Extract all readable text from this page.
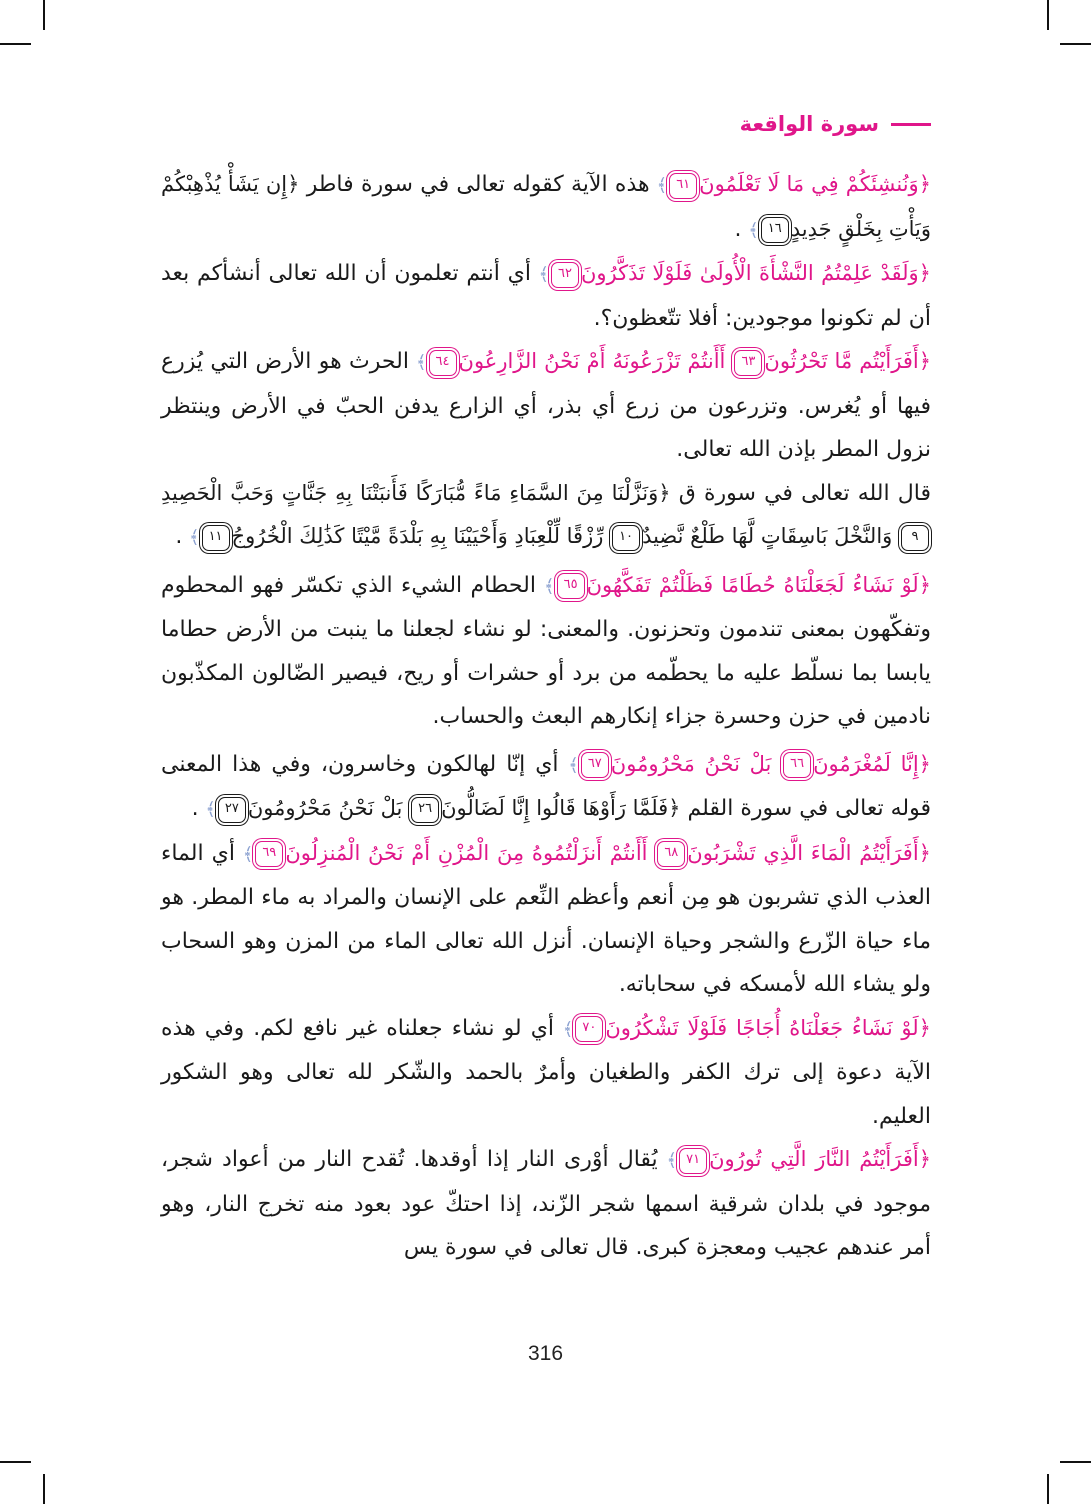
سورة الواقعة

﴿وَنُنشِئَكُمْ فِي مَا لَا تَعْلَمُونَ٦١﴾ هذه الآية كقوله تعالى في سورة فاطر ﴿إِن يَشَأْ يُذْهِبْكُمْ وَيَأْتِ بِخَلْقٍ جَدِيدٍ١٦﴾ .

﴿وَلَقَدْ عَلِمْتُمُ النَّشْأَةَ الْأُولَىٰ فَلَوْلَا تَذَكَّرُونَ٦٢﴾ أي أنتم تعلمون أن الله تعالى أنشأكم بعد أن لم تكونوا موجودين: أفلا تتّعظون؟.

﴿أَفَرَأَيْتُم مَّا تَحْرُثُونَ٦٣ أَأَنتُمْ تَزْرَعُونَهُ أَمْ نَحْنُ الزَّارِعُونَ٦٤﴾ الحرث هو الأرض التي يُزرع فيها أو يُغرس. وتزرعون من زرع أي بذر، أي الزارع يدفن الحبّ في الأرض وينتظر نزول المطر بإذن الله تعالى.

قال الله تعالى في سورة ق ﴿وَنَزَّلْنَا مِنَ السَّمَاءِ مَاءً مُّبَارَكًا فَأَنبَتْنَا بِهِ جَنَّاتٍ وَحَبَّ الْحَصِيدِ٩ وَالنَّخْلَ بَاسِقَاتٍ لَّهَا طَلْعٌ نَّضِيدٌ١٠ رِّزْقًا لِّلْعِبَادِ وَأَحْيَيْنَا بِهِ بَلْدَةً مَّيْتًا كَذَٰلِكَ الْخُرُوجُ١١﴾ .

﴿لَوْ نَشَاءُ لَجَعَلْنَاهُ حُطَامًا فَظَلْتُمْ تَفَكَّهُونَ٦٥﴾ الحطام الشيء الذي تكسّر فهو المحطوم وتفكّهون بمعنى تندمون وتحزنون. والمعنى: لو نشاء لجعلنا ما ينبت من الأرض حطاما يابسا بما نسلّط عليه ما يحطّمه من برد أو حشرات أو ريح، فيصير الضّالون المكذّبون نادمين في حزن وحسرة جزاء إنكارهم البعث والحساب.

﴿إِنَّا لَمُغْرَمُونَ٦٦ بَلْ نَحْنُ مَحْرُومُونَ٦٧﴾ أي إنّا لهالكون وخاسرون، وفي هذا المعنى قوله تعالى في سورة القلم ﴿فَلَمَّا رَأَوْهَا قَالُوا إِنَّا لَضَالُّونَ٢٦ بَلْ نَحْنُ مَحْرُومُونَ٢٧﴾ .

﴿أَفَرَأَيْتُمُ الْمَاءَ الَّذِي تَشْرَبُونَ٦٨ أَأَنتُمْ أَنزَلْتُمُوهُ مِنَ الْمُزْنِ أَمْ نَحْنُ الْمُنزِلُونَ٦٩﴾ أي الماء العذب الذي تشربون هو مِن أنعم وأعظم النِّعم على الإنسان والمراد به ماء المطر. هو ماء حياة الزّرع والشجر وحياة الإنسان. أنزل الله تعالى الماء من المزن وهو السحاب ولو يشاء الله لأمسكه في سحاباته.

﴿لَوْ نَشَاءُ جَعَلْنَاهُ أُجَاجًا فَلَوْلَا تَشْكُرُونَ٧٠﴾ أي لو نشاء جعلناه غير نافع لكم. وفي هذه الآية دعوة إلى ترك الكفر والطغيان وأمرٌ بالحمد والشّكر لله تعالى وهو الشكور العليم.

﴿أَفَرَأَيْتُمُ النَّارَ الَّتِي تُورُونَ٧١﴾ يُقال أوْرى النار إذا أوقدها. تُقدح النار من أعواد شجر، موجود في بلدان شرقية اسمها شجر الزّند، إذا احتكّ عود بعود منه تخرج النار، وهو أمر عندهم عجيب ومعجزة كبرى. قال تعالى في سورة يس

316
